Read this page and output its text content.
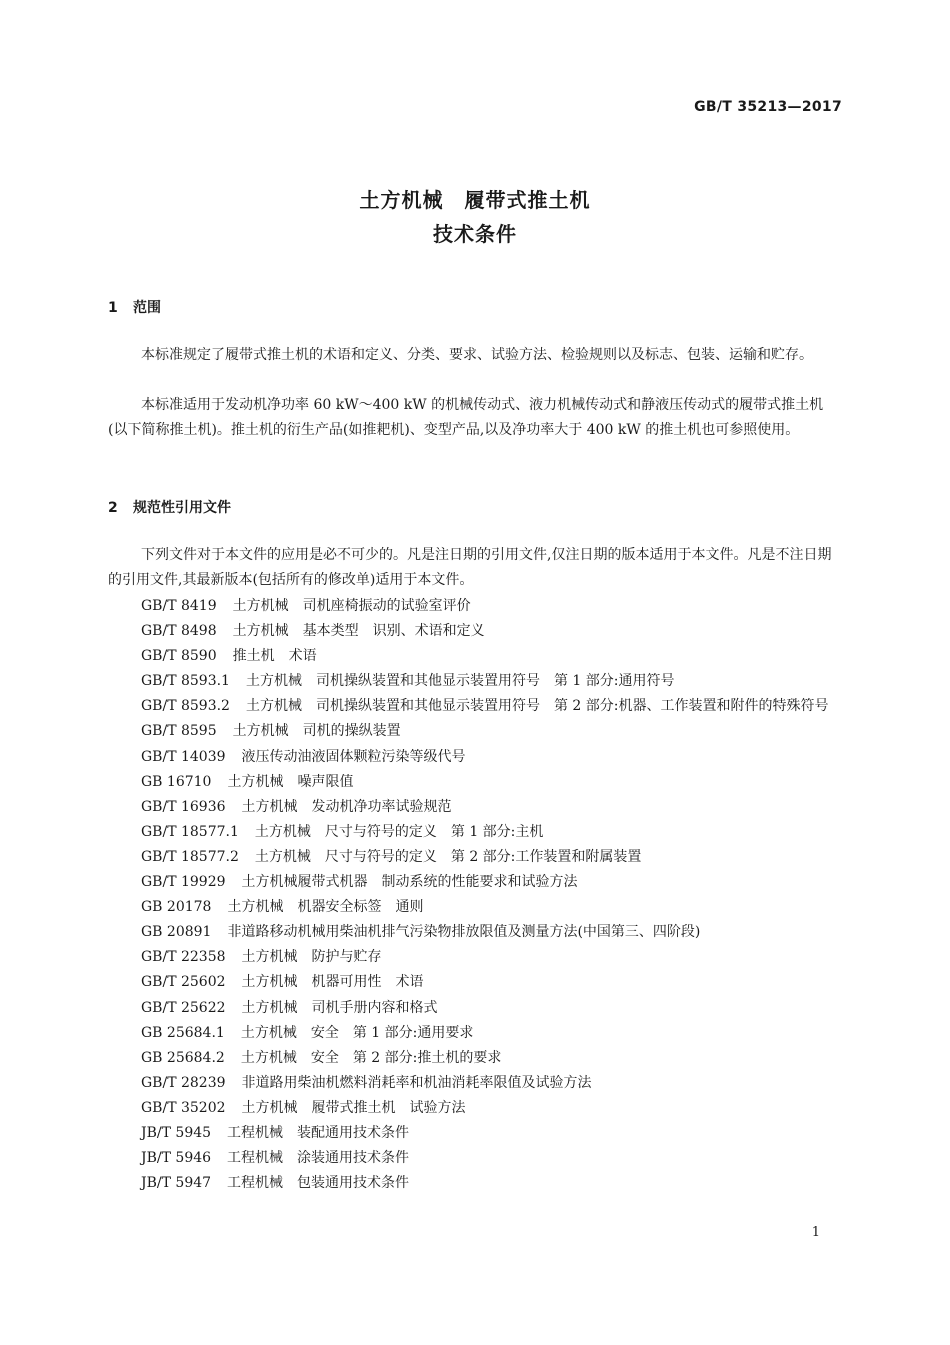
GB/T 35213—2017
土方机械　履带式推土机
技术条件
1 范围

本标准规定了履带式推土机的术语和定义、分类、要求、试验方法、检验规则以及标志、包装、运输和贮存。

本标准适用于发动机净功率 60 kW～400 kW 的机械传动式、液力机械传动式和静液压传动式的履带式推土机(以下简称推土机)。推土机的衍生产品(如推耙机)、变型产品,以及净功率大于 400 kW 的推土机也可参照使用。

2 规范性引用文件

下列文件对于本文件的应用是必不可少的。凡是注日期的引用文件,仅注日期的版本适用于本文件。凡是不注日期的引用文件,其最新版本(包括所有的修改单)适用于本文件。

GB/T 8419 土方机械　司机座椅振动的试验室评价
GB/T 8498 土方机械　基本类型　识别、术语和定义
GB/T 8590 推土机　术语
GB/T 8593.1 土方机械　司机操纵装置和其他显示装置用符号　第 1 部分:通用符号
GB/T 8593.2 土方机械　司机操纵装置和其他显示装置用符号　第 2 部分:机器、工作装置和附件的特殊符号
GB/T 8595 土方机械　司机的操纵装置
GB/T 14039 液压传动油液固体颗粒污染等级代号
GB 16710 土方机械　噪声限值
GB/T 16936 土方机械　发动机净功率试验规范
GB/T 18577.1 土方机械　尺寸与符号的定义　第 1 部分:主机
GB/T 18577.2 土方机械　尺寸与符号的定义　第 2 部分:工作装置和附属装置
GB/T 19929 土方机械履带式机器　制动系统的性能要求和试验方法
GB 20178 土方机械　机器安全标签　通则
GB 20891 非道路移动机械用柴油机排气污染物排放限值及测量方法(中国第三、四阶段)
GB/T 22358 土方机械　防护与贮存
GB/T 25602 土方机械　机器可用性　术语
GB/T 25622 土方机械　司机手册内容和格式
GB 25684.1 土方机械　安全　第 1 部分:通用要求
GB 25684.2 土方机械　安全　第 2 部分:推土机的要求
GB/T 28239 非道路用柴油机燃料消耗率和机油消耗率限值及试验方法
GB/T 35202 土方机械　履带式推土机　试验方法
JB/T 5945 工程机械　装配通用技术条件
JB/T 5946 工程机械　涂装通用技术条件
JB/T 5947 工程机械　包装通用技术条件
1
